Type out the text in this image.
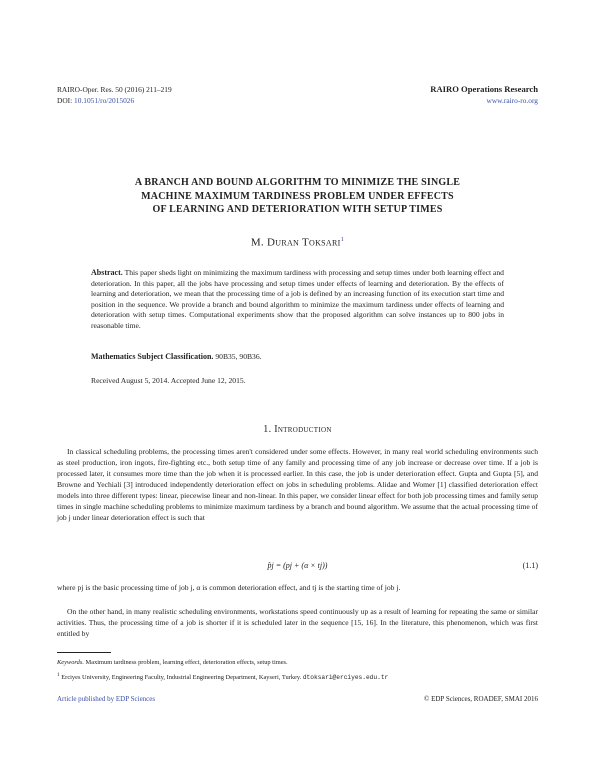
RAIRO-Oper. Res. 50 (2016) 211–219
DOI: 10.1051/ro/2015026
RAIRO Operations Research
www.rairo-ro.org
A BRANCH AND BOUND ALGORITHM TO MINIMIZE THE SINGLE
MACHINE MAXIMUM TARDINESS PROBLEM UNDER EFFECTS
OF LEARNING AND DETERIORATION WITH SETUP TIMES
M. Duran Toksarı$^1$
Abstract. This paper sheds light on minimizing the maximum tardiness with processing and setup times under both learning effect and deterioration. In this paper, all the jobs have processing and setup times under effects of learning and deterioration. By the effects of learning and deterioration, we mean that the processing time of a job is defined by an increasing function of its execution start time and position in the sequence. We provide a branch and bound algorithm to minimize the maximum tardiness under effects of learning and deterioration with setup times. Computational experiments show that the proposed algorithm can solve instances up to 800 jobs in reasonable time.
Mathematics Subject Classification. 90B35, 90B36.
Received August 5, 2014. Accepted June 12, 2015.
1. Introduction
In classical scheduling problems, the processing times aren't considered under some effects. However, in many real world scheduling environments such as steel production, iron ingots, fire-fighting etc., both setup time of any family and processing time of any job increase or decrease over time. If a job is processed later, it consumes more time than the job when it is processed earlier. In this case, the job is under deterioration effect. Gupta and Gupta [5], and Browne and Yechiali [3] introduced independently deterioration effect on jobs in scheduling problems. Alidae and Womer [1] classified deterioration effect models into three different types: linear, piecewise linear and non-linear. In this paper, we consider linear effect for both job processing times and family setup times in single machine scheduling problems to minimize maximum tardiness by a branch and bound algorithm. We assume that the actual processing time of job j under linear deterioration effect is such that
p̂j = (pj + (α × tj))	(1.1)
where pj is the basic processing time of job j, α is common deterioration effect, and tj is the starting time of job j.
On the other hand, in many realistic scheduling environments, workstations speed continuously up as a result of learning for repeating the same or similar activities. Thus, the processing time of a job is shorter if it is scheduled later in the sequence [15, 16]. In the literature, this phenomenon, which was first entitled by
Keywords. Maximum tardiness problem, learning effect, deterioration effects, setup times.
$^1$ Erciyes University, Engineering Faculty, Industrial Engineering Department, Kayseri, Turkey. dtoksari@erciyes.edu.tr
Article published by EDP Sciences	© EDP Sciences, ROADEF, SMAI 2016
